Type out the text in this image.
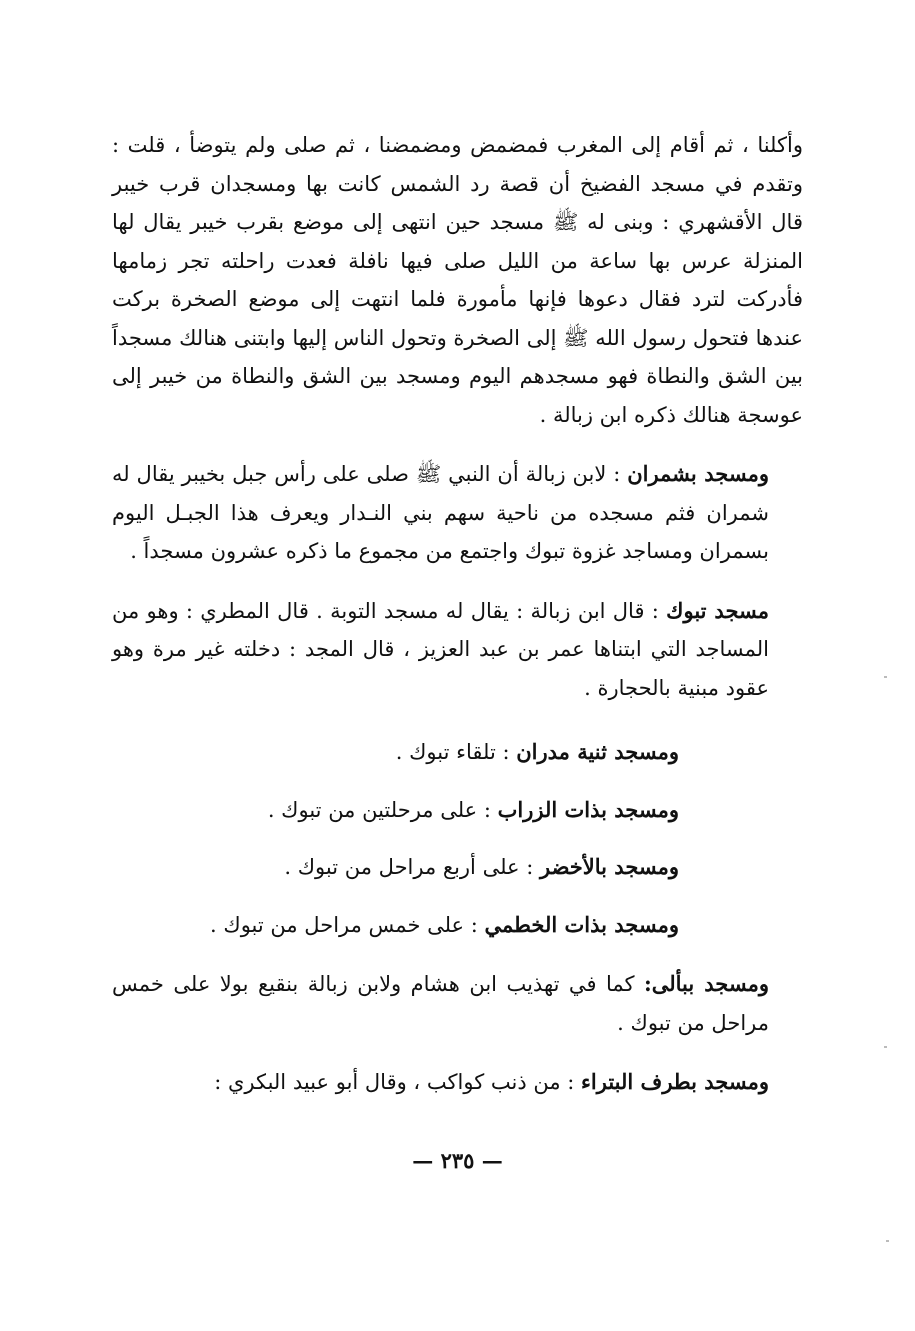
وأكلنا ، ثم أقام إلى المغرب فمضمض ومضمضنا ، ثم صلى ولم يتوضأ ، قلت : وتقدم في مسجد الفضيخ أن قصة رد الشمس كانت بها ومسجدان قرب خيبر قال الأقشهري : وبنى له ﷺ مسجد حين انتهى إلى موضع بقرب خيبر يقال لها المنزلة عرس بها ساعة من الليل صلى فيها نافلة فعدت راحلته تجر زمامها فأدركت لترد فقال دعوها فإنها مأمورة فلما انتهت إلى موضع الصخرة بركت عندها فتحول رسول الله ﷺ إلى الصخرة وتحول الناس إليها وابتنى هنالك مسجداً بين الشق والنطاة فهو مسجدهم اليوم ومسجد بين الشق والنطاة من خيبر إلى عوسجة هنالك ذكره ابن زبالة .

ومسجد بشمران : لابن زبالة أن النبي ﷺ صلى على رأس جبل بخيبر يقال له شمران فثم مسجده من ناحية سهم بني النـدار ويعرف هذا الجبـل اليوم بسمران ومساجد غزوة تبوك واجتمع من مجموع ما ذكره عشرون مسجداً .

مسجد تبوك : قال ابن زبالة : يقال له مسجد التوبة . قال المطري : وهو من المساجد التي ابتناها عمر بن عبد العزيز ، قال المجد : دخلته غير مرة وهو عقود مبنية بالحجارة .

ومسجد ثنية مدران : تلقاء تبوك .

ومسجد بذات الزراب : على مرحلتين من تبوك .

ومسجد بالأخضر : على أربع مراحل من تبوك .

ومسجد بذات الخطمي : على خمس مراحل من تبوك .

ومسجد ببألى: كما في تهذيب ابن هشام ولابن زبالة بنقيع بولا على خمس مراحل من تبوك .

ومسجد بطرف البتراء : من ذنب كواكب ، وقال أبو عبيد البكري :

— ٢٣٥ —
